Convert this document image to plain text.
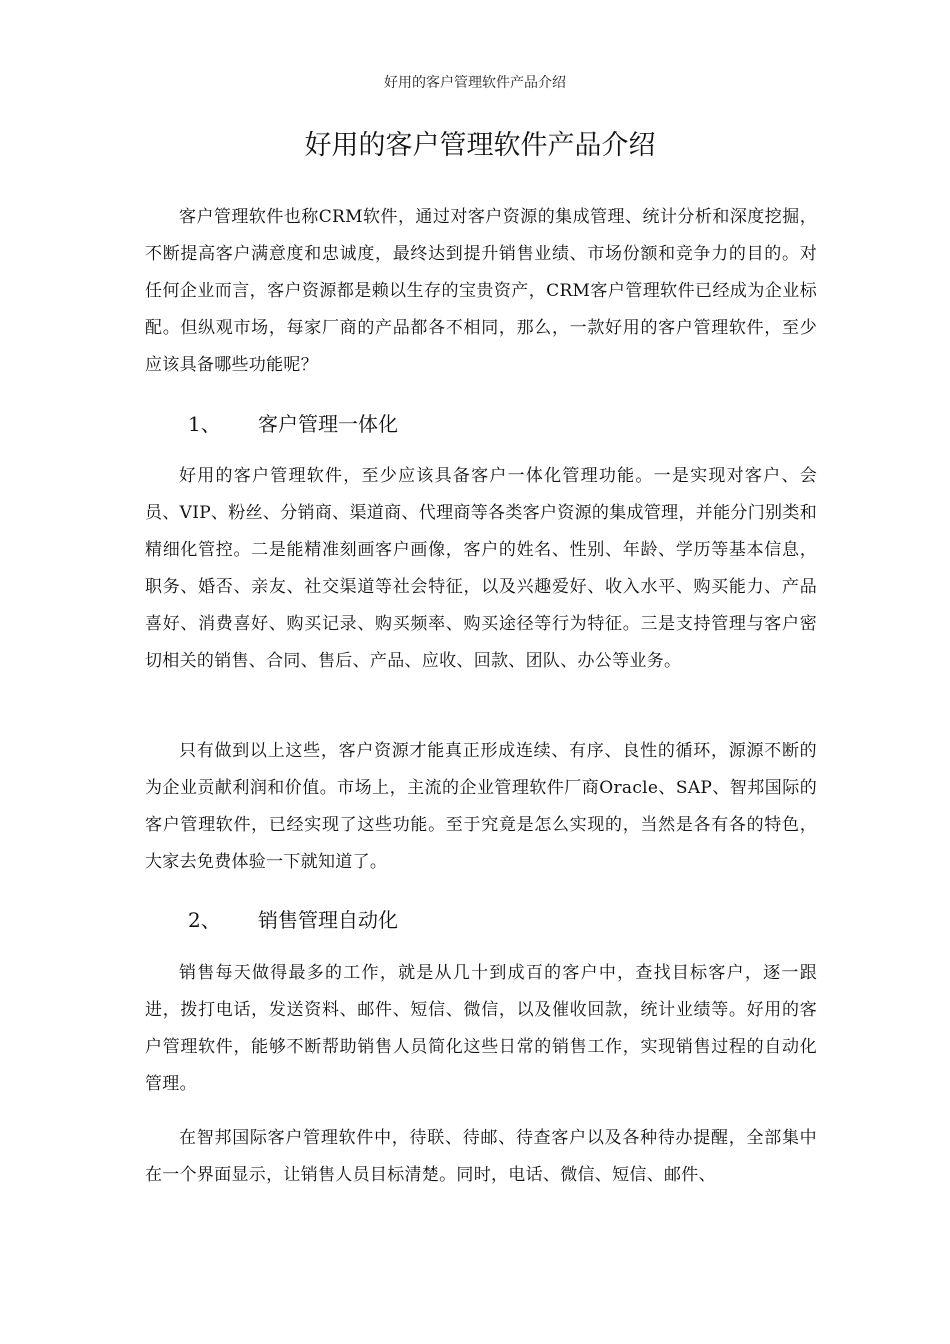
好用的客户管理软件产品介绍
好用的客户管理软件产品介绍

客户管理软件也称CRM软件，通过对客户资源的集成管理、统计分析和深度挖掘，不断提高客户满意度和忠诚度，最终达到提升销售业绩、市场份额和竞争力的目的。对任何企业而言，客户资源都是赖以生存的宝贵资产，CRM客户管理软件已经成为企业标配。但纵观市场，每家厂商的产品都各不相同，那么，一款好用的客户管理软件，至少应该具备哪些功能呢？

1、	客户管理一体化

好用的客户管理软件，至少应该具备客户一体化管理功能。一是实现对客户、会员、VIP、粉丝、分销商、渠道商、代理商等各类客户资源的集成管理，并能分门别类和精细化管控。二是能精准刻画客户画像，客户的姓名、性别、年龄、学历等基本信息，职务、婚否、亲友、社交渠道等社会特征，以及兴趣爱好、收入水平、购买能力、产品喜好、消费喜好、购买记录、购买频率、购买途径等行为特征。三是支持管理与客户密切相关的销售、合同、售后、产品、应收、回款、团队、办公等业务。

只有做到以上这些，客户资源才能真正形成连续、有序、良性的循环，源源不断的为企业贡献利润和价值。市场上，主流的企业管理软件厂商Oracle、SAP、智邦国际的客户管理软件，已经实现了这些功能。至于究竟是怎么实现的，当然是各有各的特色，大家去免费体验一下就知道了。

2、	销售管理自动化

销售每天做得最多的工作，就是从几十到成百的客户中，查找目标客户，逐一跟进，拨打电话，发送资料、邮件、短信、微信，以及催收回款，统计业绩等。好用的客户管理软件，能够不断帮助销售人员简化这些日常的销售工作，实现销售过程的自动化管理。

在智邦国际客户管理软件中，待联、待邮、待查客户以及各种待办提醒，全部集中在一个界面显示，让销售人员目标清楚。同时，电话、微信、短信、邮件、
